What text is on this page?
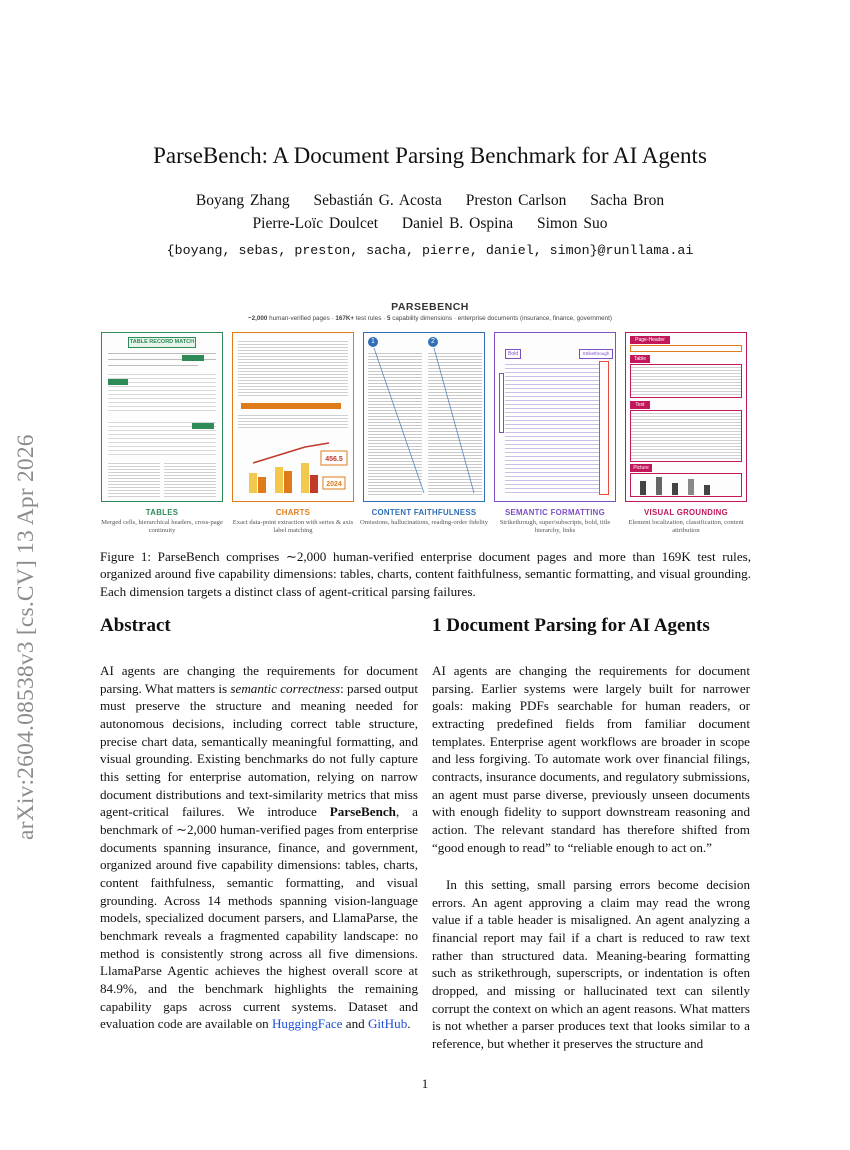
arXiv:2604.08538v3 [cs.CV] 13 Apr 2026
ParseBench: A Document Parsing Benchmark for AI Agents
Boyang Zhang Sebastián G. Acosta Preston Carlson Sacha Bron
Pierre-Loïc Doulcet Daniel B. Ospina Simon Suo
{boyang, sebas, preston, sacha, pierre, daniel, simon}@runllama.ai
PARSEBENCH
~2,000 human-verified pages · 167K+ test rules · 5 capability dimensions · enterprise documents (insurance, finance, government)
TABLE RECORD MATCH
TABLES
Merged cells, hierarchical headers, cross-page continuity
456.5
2024
CHARTS
Exact data-point extraction with series & axis label matching
1	2
CONTENT FAITHFULNESS
Omissions, hallucinations, reading-order fidelity
Bold	Strikethrough
SEMANTIC FORMATTING
Strikethrough, super/subscripts, bold, title hierarchy, links
Page-Header
Table
Text
Picture
VISUAL GROUNDING
Element localization, classification, content attribution
Figure 1: ParseBench comprises ∼2,000 human-verified enterprise document pages and more than 169K test rules, organized around five capability dimensions: tables, charts, content faithfulness, semantic formatting, and visual grounding. Each dimension targets a distinct class of agent-critical parsing failures.
Abstract	1 Document Parsing for AI Agents
AI agents are changing the requirements for document parsing. What matters is semantic correctness: parsed output must preserve the structure and meaning needed for autonomous decisions, including correct table structure, precise chart data, semantically meaningful formatting, and visual grounding. Existing benchmarks do not fully capture this setting for enterprise automation, relying on narrow document distributions and text-similarity metrics that miss agent-critical failures. We introduce ParseBench, a benchmark of ∼2,000 human-verified pages from enterprise documents spanning insurance, finance, and government, organized around five capability dimensions: tables, charts, content faithfulness, semantic formatting, and visual grounding. Across 14 methods spanning vision-language models, specialized document parsers, and LlamaParse, the benchmark reveals a fragmented capability landscape: no method is consistently strong across all five dimensions. LlamaParse Agentic achieves the highest overall score at 84.9%, and the benchmark highlights the remaining capability gaps across current systems. Dataset and evaluation code are available on HuggingFace and GitHub.
AI agents are changing the requirements for document parsing. Earlier systems were largely built for narrower goals: making PDFs searchable for human readers, or extracting predefined fields from familiar document templates. Enterprise agent workflows are broader in scope and less forgiving. To automate work over financial filings, contracts, insurance documents, and regulatory submissions, an agent must parse diverse, previously unseen documents with enough fidelity to support downstream reasoning and action. The relevant standard has therefore shifted from “good enough to read” to “reliable enough to act on.”
In this setting, small parsing errors become decision errors. An agent approving a claim may read the wrong value if a table header is misaligned. An agent analyzing a financial report may fail if a chart is reduced to raw text rather than structured data. Meaning-bearing formatting such as strikethrough, superscripts, or indentation is often dropped, and missing or hallucinated text can silently corrupt the context on which an agent reasons. What matters is not whether a parser produces text that looks similar to a reference, but whether it preserves the structure and
1
